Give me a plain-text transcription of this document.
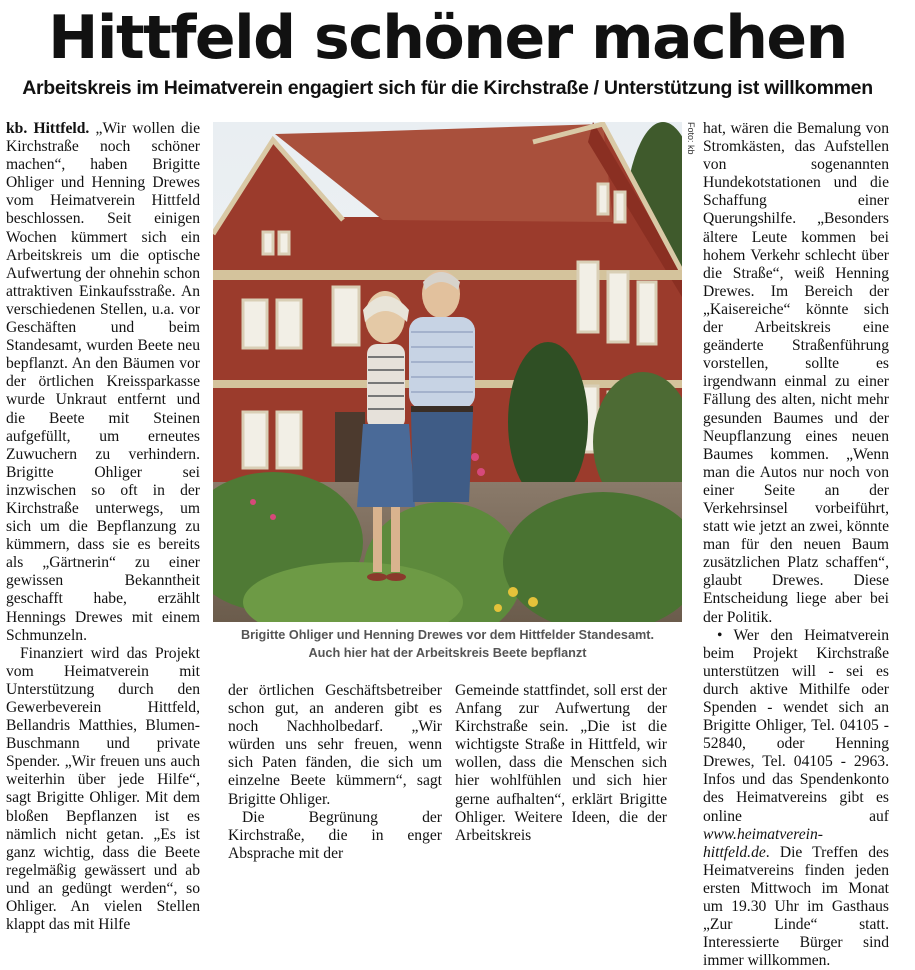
Hittfeld schöner machen
Arbeitskreis im Heimatverein engagiert sich für die Kirchstraße / Unterstützung ist willkommen

kb. Hittfeld. „Wir wollen die Kirchstraße noch schöner machen“, haben Brigitte Ohliger und Henning Drewes vom Heimatverein Hittfeld beschlossen. Seit einigen Wochen kümmert sich ein Arbeitskreis um die optische Aufwertung der ohnehin schon attraktiven Einkaufsstraße. An verschiedenen Stellen, u.a. vor Geschäften und beim Standesamt, wurden Beete neu bepflanzt. An den Bäumen vor der örtlichen Kreissparkasse wurde Unkraut entfernt und die Beete mit Steinen aufgefüllt, um erneutes Zuwuchern zu verhindern. Brigitte Ohliger sei inzwischen so oft in der Kirchstraße unterwegs, um sich um die Bepflanzung zu kümmern, dass sie es bereits als „Gärtnerin“ zu einer gewissen Bekanntheit geschafft habe, erzählt Hennings Drewes mit einem Schmunzeln.

Finanziert wird das Projekt vom Heimatverein mit Unterstützung durch den Gewerbeverein Hittfeld, Bellandris Matthies, Blumen-Buschmann und private Spender. „Wir freuen uns auch weiterhin über jede Hilfe“, sagt Brigitte Ohliger. Mit dem bloßen Bepflanzen ist es nämlich nicht getan. „Es ist ganz wichtig, dass die Beete regelmäßig gewässert und ab und an gedüngt werden“, so Ohliger. An vielen Stellen klappt das mit Hilfe

Foto: kb
Brigitte Ohliger und Henning Drewes vor dem Hittfelder Standesamt.
Auch hier hat der Arbeitskreis Beete bepflanzt

der örtlichen Geschäftsbetreiber schon gut, an anderen gibt es noch Nachholbedarf. „Wir würden uns sehr freuen, wenn sich Paten fänden, die sich um einzelne Beete kümmern“, sagt Brigitte Ohliger.

Die Begrünung der Kirchstraße, die in enger Absprache mit der

Gemeinde stattfindet, soll erst der Anfang zur Aufwertung der Kirchstraße sein. „Die ist die wichtigste Straße in Hittfeld, wir wollen, dass die Menschen sich hier wohlfühlen und sich hier gerne aufhalten“, erklärt Brigitte Ohliger. Weitere Ideen, die der Arbeitskreis

hat, wären die Bemalung von Stromkästen, das Aufstellen von sogenannten Hundekotstationen und die Schaffung einer Querungshilfe. „Besonders ältere Leute kommen bei hohem Verkehr schlecht über die Straße“, weiß Henning Drewes. Im Bereich der „Kaisereiche“ könnte sich der Arbeitskreis eine geänderte Straßenführung vorstellen, sollte es irgendwann einmal zu einer Fällung des alten, nicht mehr gesunden Baumes und der Neupflanzung eines neuen Baumes kommen. „Wenn man die Autos nur noch von einer Seite an der Verkehrsinsel vorbeiführt, statt wie jetzt an zwei, könnte man für den neuen Baum zusätzlichen Platz schaffen“, glaubt Drewes. Diese Entscheidung liege aber bei der Politik.

• Wer den Heimatverein beim Projekt Kirchstraße unterstützen will - sei es durch aktive Mithilfe oder Spenden - wendet sich an Brigitte Ohliger, Tel. 04105 - 52840, oder Henning Drewes, Tel. 04105 - 2963. Infos und das Spendenkonto des Heimatvereins gibt es online auf www.heimatverein-hittfeld.de. Die Treffen des Heimatvereins finden jeden ersten Mittwoch im Monat um 19.30 Uhr im Gasthaus „Zur Linde“ statt. Interessierte Bürger sind immer willkommen.
